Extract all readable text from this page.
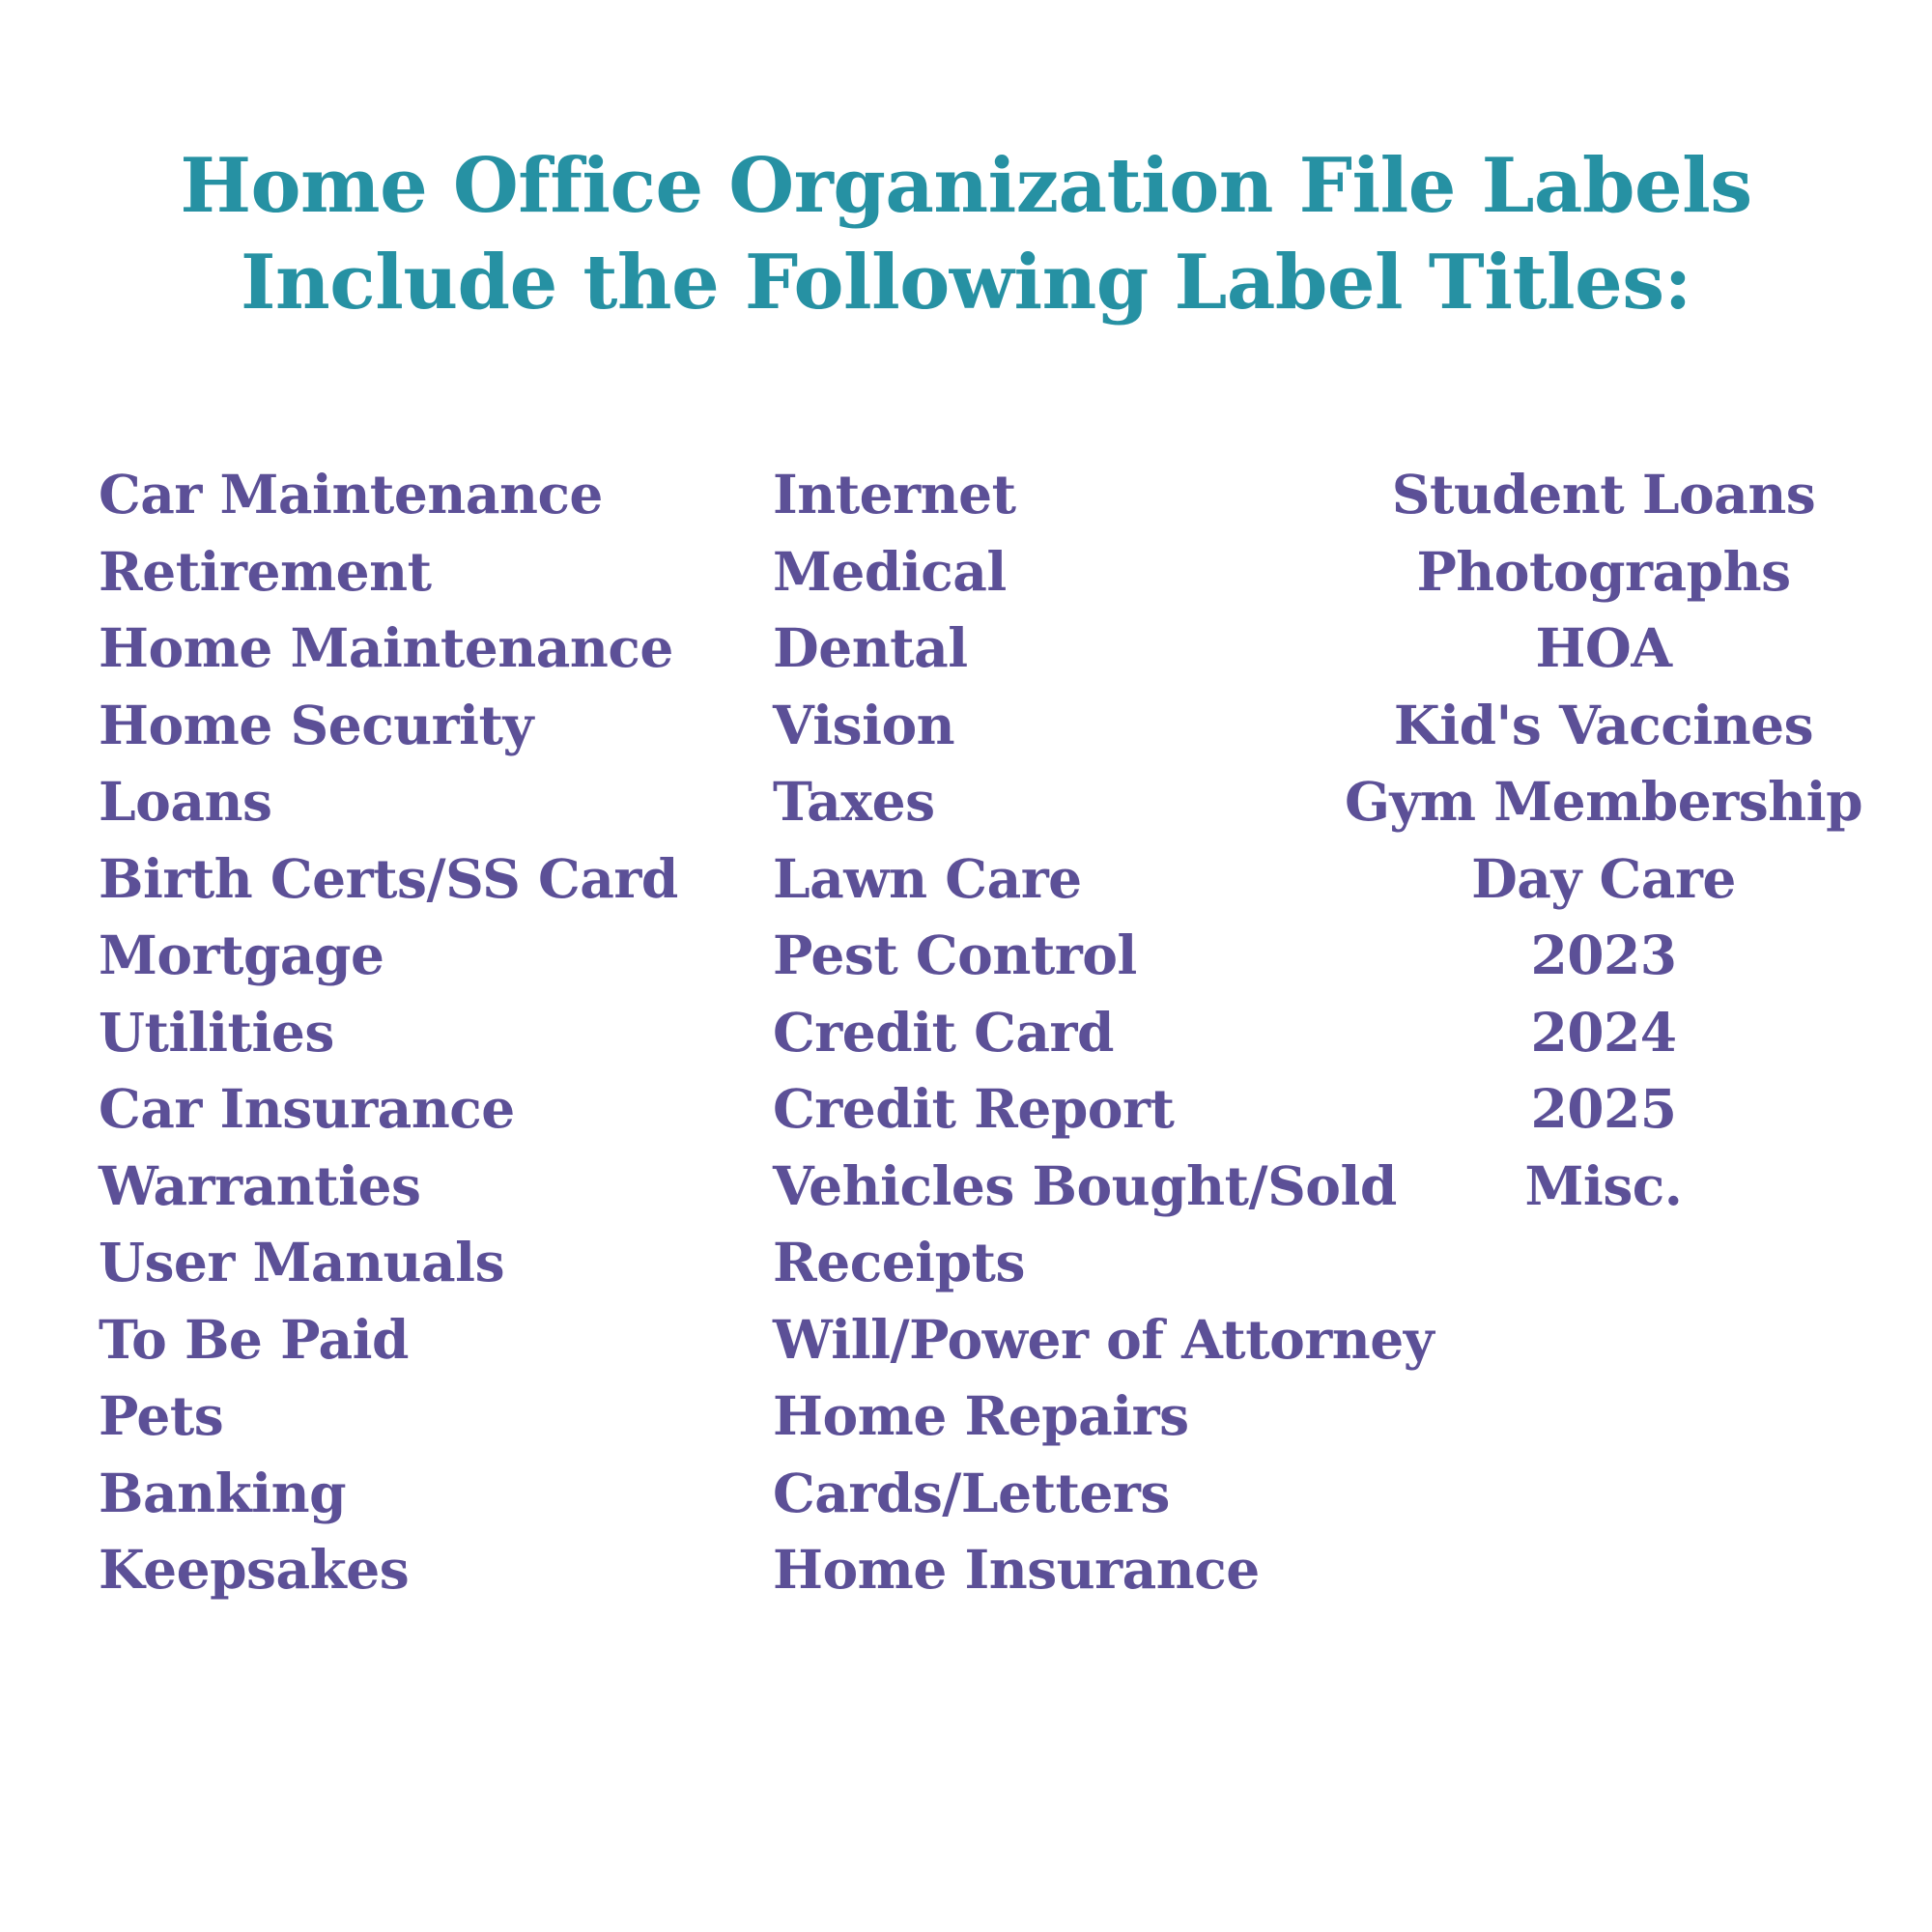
Home Office Organization File Labels
Include the Following Label Titles:
Car Maintenance
Retirement
Home Maintenance
Home Security
Loans
Birth Certs/SS Card
Mortgage
Utilities
Car Insurance
Warranties
User Manuals
To Be Paid
Pets
Banking
Keepsakes
Internet
Medical
Dental
Vision
Taxes
Lawn Care
Pest Control
Credit Card
Credit Report
Vehicles Bought/Sold
Receipts
Will/Power of Attorney
Home Repairs
Cards/Letters
Home Insurance
Student Loans
Photographs
HOA
Kid's Vaccines
Gym Membership
Day Care
2023
2024
2025
Misc.
